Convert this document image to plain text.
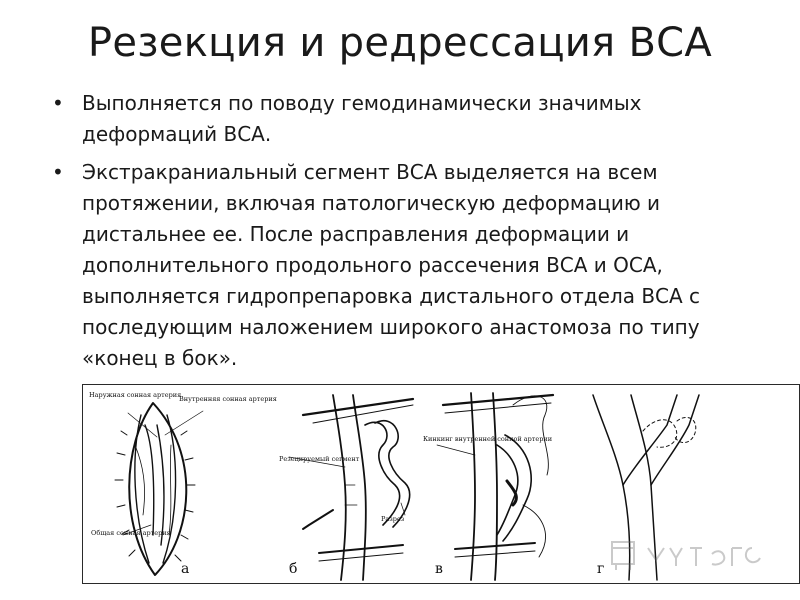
Резекция и редрессация ВСА
• Выполняется по поводу гемодинамически значимых деформаций ВСА.
• Экстракраниальный сегмент ВСА выделяется на всем протяжении, включая патологическую деформацию и дистальнее ее. После расправления деформации и дополнительного продольного рассечения ВСА и ОСА, выполняется гидропрепаровка дистального отдела ВСА с последующим наложением широкого анастомоза по типу «конец в бок».
Наружная сонная артерия
Внутренняя сонная артерия
Общая сонная артерия
Резецируемый сегмент
Разрез
Кинкинг внутренней сонной артерии
а	б	в	г
